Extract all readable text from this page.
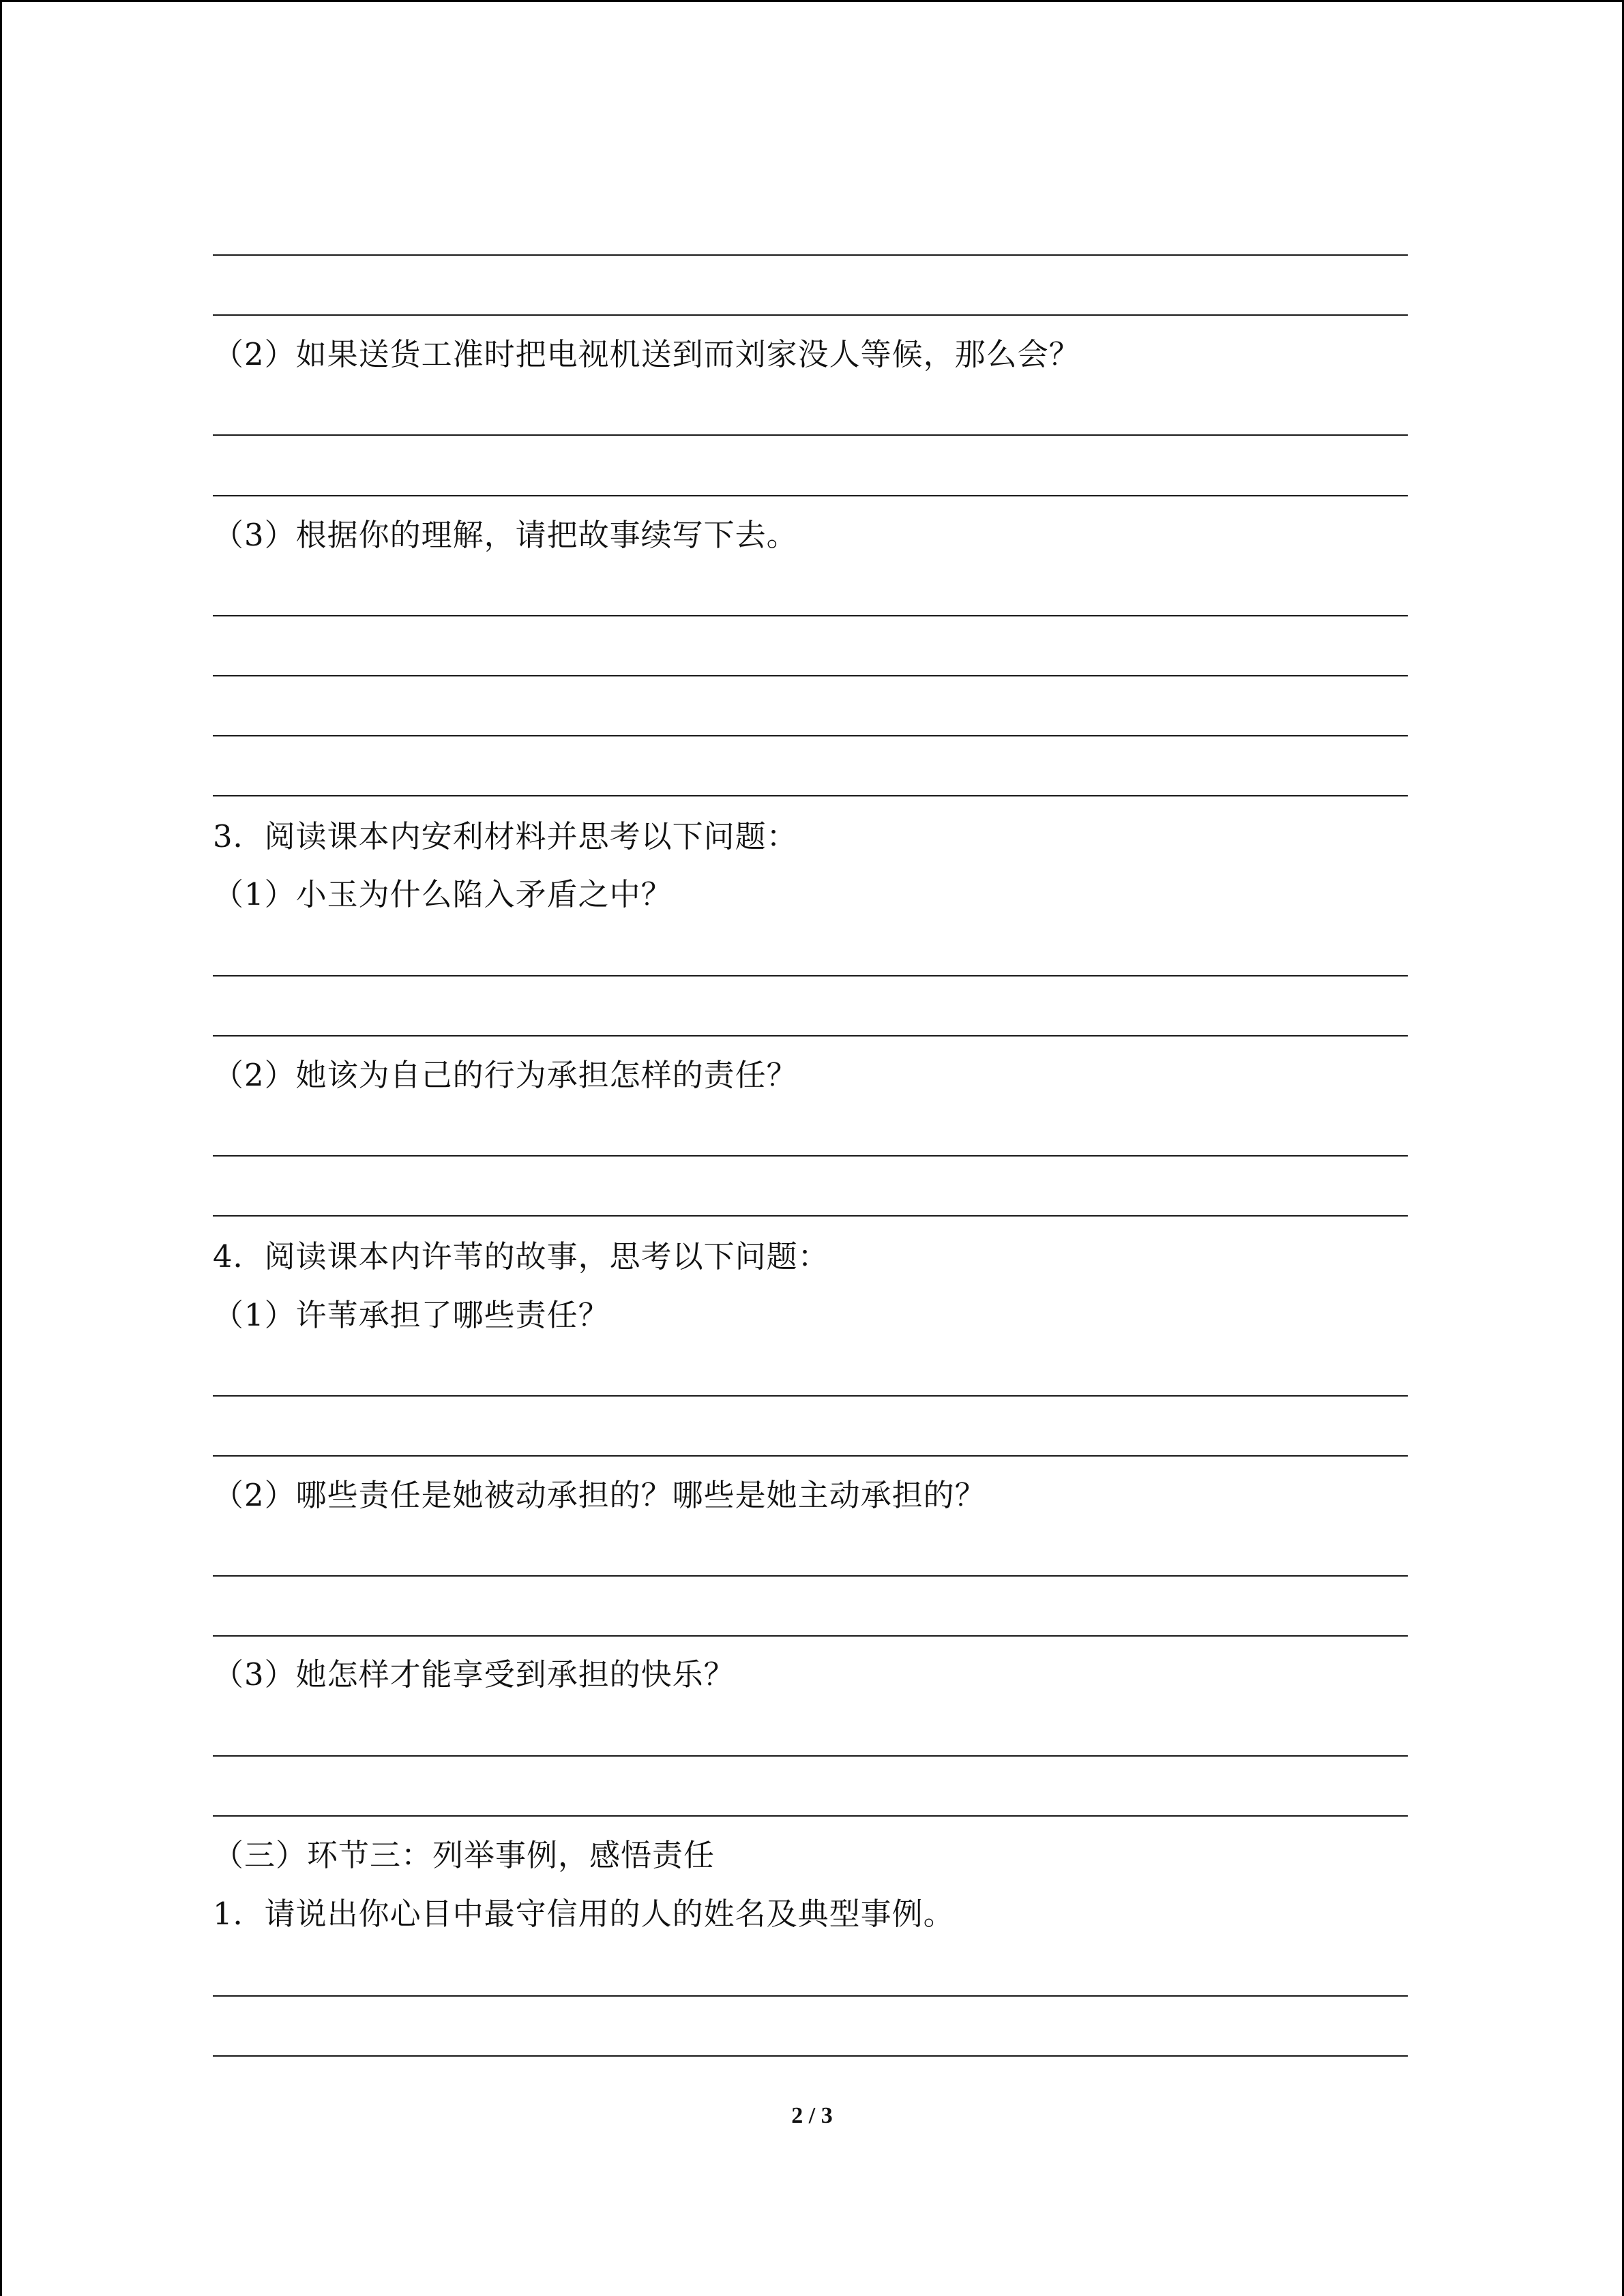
（2）如果送货工准时把电视机送到而刘家没人等候，那么会？
（3）根据你的理解，请把故事续写下去。
3．阅读课本内安利材料并思考以下问题：
（1）小玉为什么陷入矛盾之中？
（2）她该为自己的行为承担怎样的责任？
4．阅读课本内许苇的故事，思考以下问题：
（1）许苇承担了哪些责任？
（2）哪些责任是她被动承担的？哪些是她主动承担的？
（3）她怎样才能享受到承担的快乐？
（三）环节三：列举事例，感悟责任
1．请说出你心目中最守信用的人的姓名及典型事例。
2 / 3
